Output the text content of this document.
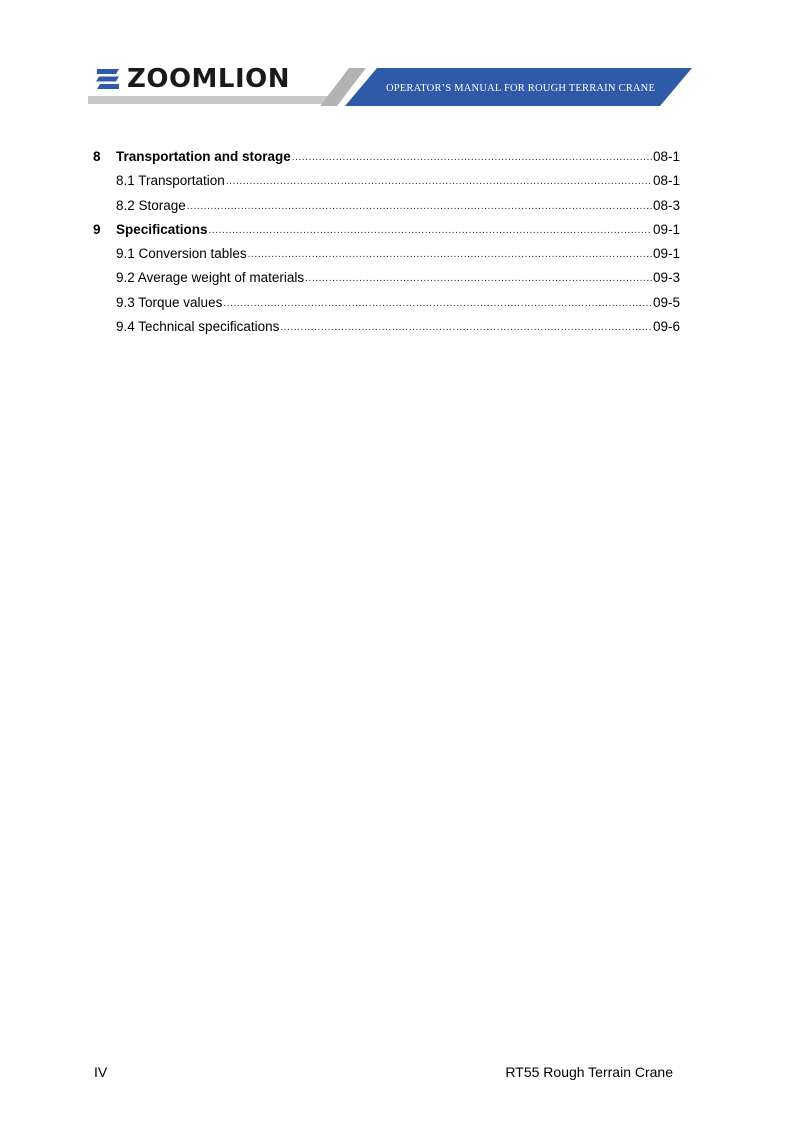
ZOOMLION	OPERATOR’S MANUAL FOR ROUGH TERRAIN CRANE
8	Transportation and storage .....	08-1
8.1 Transportation .....	08-1
8.2 Storage .....	08-3
9	Specifications .....	09-1
9.1 Conversion tables .....	09-1
9.2 Average weight of materials .....	09-3
9.3 Torque values .....	09-5
9.4 Technical specifications .....	09-6
IV	RT55 Rough Terrain Crane
